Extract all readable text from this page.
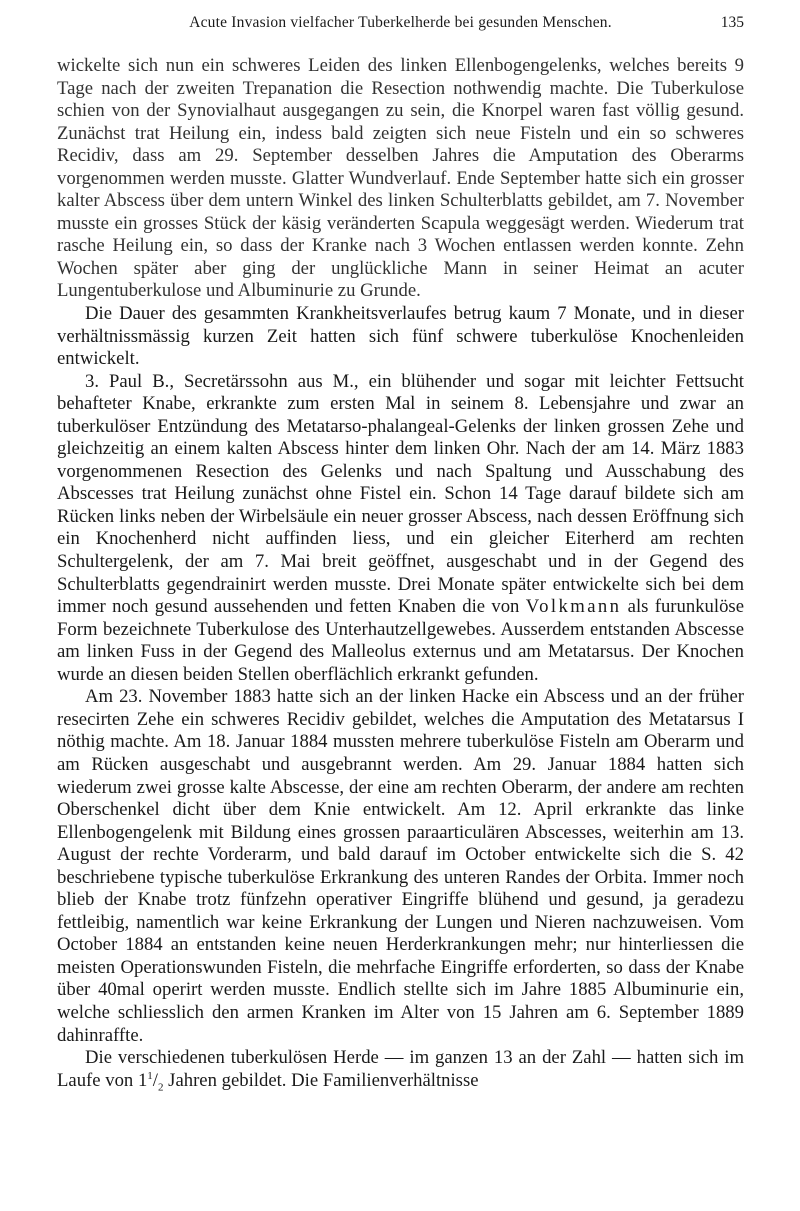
Acute Invasion vielfacher Tuberkelherde bei gesunden Menschen.	135

wickelte sich nun ein schweres Leiden des linken Ellenbogengelenks, welches bereits 9 Tage nach der zweiten Trepanation die Resection nothwendig machte. Die Tuberkulose schien von der Synovialhaut ausgegangen zu sein, die Knorpel waren fast völlig gesund. Zunächst trat Heilung ein, indess bald zeigten sich neue Fisteln und ein so schweres Recidiv, dass am 29. September desselben Jahres die Amputation des Oberarms vorgenommen werden musste. Glatter Wundverlauf. Ende September hatte sich ein grosser kalter Abscess über dem untern Winkel des linken Schulterblatts gebildet, am 7. November musste ein grosses Stück der käsig veränderten Scapula weggesägt werden. Wiederum trat rasche Heilung ein, so dass der Kranke nach 3 Wochen entlassen werden konnte. Zehn Wochen später aber ging der unglückliche Mann in seiner Heimat an acuter Lungentuberkulose und Albuminurie zu Grunde.

Die Dauer des gesammten Krankheitsverlaufes betrug kaum 7 Monate, und in dieser verhältnissmässig kurzen Zeit hatten sich fünf schwere tuberkulöse Knochenleiden entwickelt.

3. Paul B., Secretärssohn aus M., ein blühender und sogar mit leichter Fettsucht behafteter Knabe, erkrankte zum ersten Mal in seinem 8. Lebensjahre und zwar an tuberkulöser Entzündung des Metatarso-phalangeal-Gelenks der linken grossen Zehe und gleichzeitig an einem kalten Abscess hinter dem linken Ohr. Nach der am 14. März 1883 vorgenommenen Resection des Gelenks und nach Spaltung und Ausschabung des Abscesses trat Heilung zunächst ohne Fistel ein. Schon 14 Tage darauf bildete sich am Rücken links neben der Wirbelsäule ein neuer grosser Abscess, nach dessen Eröffnung sich ein Knochenherd nicht auffinden liess, und ein gleicher Eiterherd am rechten Schultergelenk, der am 7. Mai breit geöffnet, ausgeschabt und in der Gegend des Schulterblatts gegendrainirt werden musste. Drei Monate später entwickelte sich bei dem immer noch gesund aussehenden und fetten Knaben die von Volkmann als furunkulöse Form bezeichnete Tuberkulose des Unterhautzellgewebes. Ausserdem entstanden Abscesse am linken Fuss in der Gegend des Malleolus externus und am Metatarsus. Der Knochen wurde an diesen beiden Stellen oberflächlich erkrankt gefunden.

Am 23. November 1883 hatte sich an der linken Hacke ein Abscess und an der früher resecirten Zehe ein schweres Recidiv gebildet, welches die Amputation des Metatarsus I nöthig machte. Am 18. Januar 1884 mussten mehrere tuberkulöse Fisteln am Oberarm und am Rücken ausgeschabt und ausgebrannt werden. Am 29. Januar 1884 hatten sich wiederum zwei grosse kalte Abscesse, der eine am rechten Oberarm, der andere am rechten Oberschenkel dicht über dem Knie entwickelt. Am 12. April erkrankte das linke Ellenbogengelenk mit Bildung eines grossen paraarticulären Abscesses, weiterhin am 13. August der rechte Vorderarm, und bald darauf im October entwickelte sich die S. 42 beschriebene typische tuberkulöse Erkrankung des unteren Randes der Orbita. Immer noch blieb der Knabe trotz fünfzehn operativer Eingriffe blühend und gesund, ja geradezu fettleibig, namentlich war keine Erkrankung der Lungen und Nieren nachzuweisen. Vom October 1884 an entstanden keine neuen Herderkrankungen mehr; nur hinterliessen die meisten Operationswunden Fisteln, die mehrfache Eingriffe erforderten, so dass der Knabe über 40mal operirt werden musste. Endlich stellte sich im Jahre 1885 Albuminurie ein, welche schliesslich den armen Kranken im Alter von 15 Jahren am 6. September 1889 dahinraffte.

Die verschiedenen tuberkulösen Herde — im ganzen 13 an der Zahl — hatten sich im Laufe von $1^1/_2$ Jahren gebildet. Die Familienverhältnisse
